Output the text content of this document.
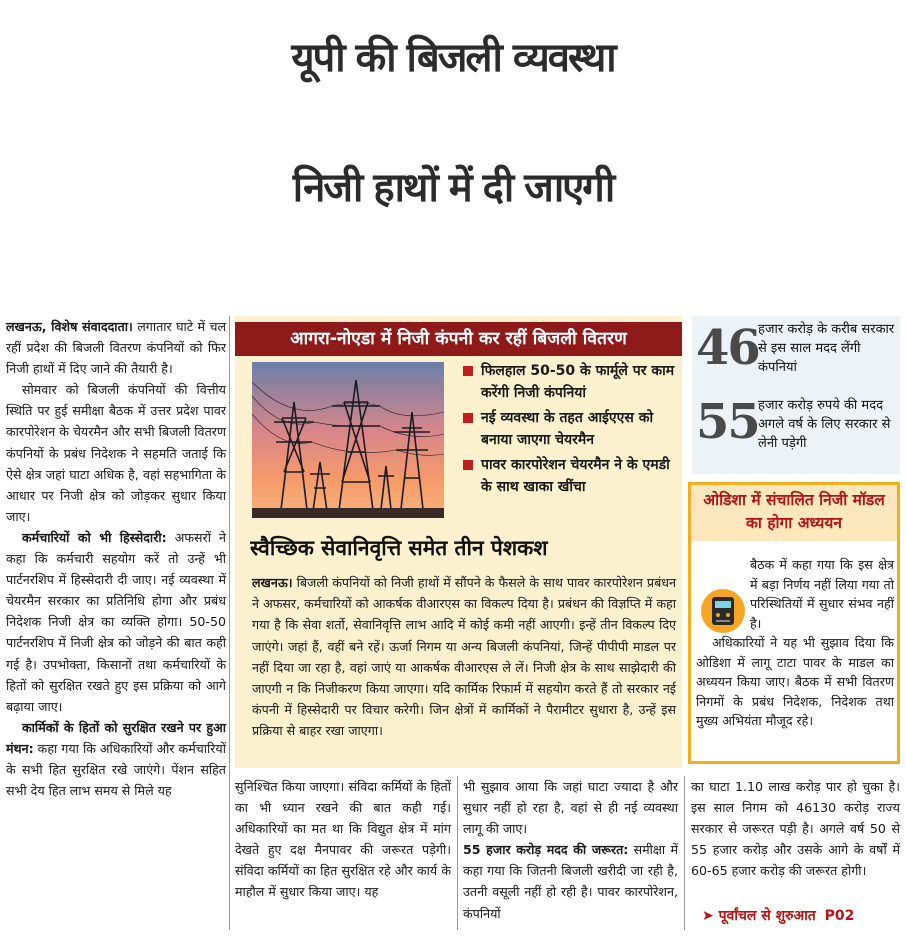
यूपी की बिजली व्यवस्था
निजी हाथों में दी जाएगी

लखनऊ, विशेष संवाददाता। लगातार घाटे में चल रहीं प्रदेश की बिजली वितरण कंपनियों को फिर निजी हाथों में दिए जाने की तैयारी है।

सोमवार को बिजली कंपनियों की वित्तीय स्थिति पर हुई समीक्षा बैठक में उत्तर प्रदेश पावर कारपोरेशन के चेयरमैन और सभी बिजली वितरण कंपनियों के प्रबंध निदेशक ने सहमति जताई कि ऐसे क्षेत्र जहां घाटा अधिक है, वहां सहभागिता के आधार पर निजी क्षेत्र को जोड़कर सुधार किया जाए।

कर्मचारियों को भी हिस्सेदारी: अफसरों ने कहा कि कर्मचारी सहयोग करें तो उन्हें भी पार्टनरशिप में हिस्सेदारी दी जाए। नई व्यवस्था में चेयरमैन सरकार का प्रतिनिधि होगा और प्रबंध निदेशक निजी क्षेत्र का व्यक्ति होगा। 50-50 पार्टनरशिप में निजी क्षेत्र को जोड़ने की बात कही गई है। उपभोक्ता, किसानों तथा कर्मचारियों के हितों को सुरक्षित रखते हुए इस प्रक्रिया को आगे बढ़ाया जाए।

कार्मिकों के हितों को सुरक्षित रखने पर हुआ मंथन: कहा गया कि अधिकारियों और कर्मचारियों के सभी हित सुरक्षित रखे जाएंगे। पेंशन सहित सभी देय हित लाभ समय से मिले यह

आगरा-नोएडा में निजी कंपनी कर रहीं बिजली वितरण
फिलहाल 50-50 के फार्मूले पर काम करेंगी निजी कंपनियां
नई व्यवस्था के तहत आईएएस को बनाया जाएगा चेयरमैन
पावर कारपोरेशन चेयरमैन ने के एमडी के साथ खाका खींचा
स्वैच्छिक सेवानिवृत्ति समेत तीन पेशकश
लखनऊ। बिजली कंपनियों को निजी हाथों में सौंपने के फैसले के साथ पावर कारपोरेशन प्रबंधन ने अफसर, कर्मचारियों को आकर्षक वीआरएस का विकल्प दिया है। प्रबंधन की विज्ञप्ति में कहा गया है कि सेवा शर्तो, सेवानिवृत्ति लाभ आदि में कोई कमी नहीं आएगी। इन्हें तीन विकल्प दिए जाएंगे। जहां हैं, वहीं बने रहें। ऊर्जा निगम या अन्य बिजली कंपनियां, जिन्हें पीपीपी माडल पर नहीं दिया जा रहा है, वहां जाएं या आकर्षक वीआरएस ले लें। निजी क्षेत्र के साथ साझेदारी की जाएगी न कि निजीकरण किया जाएगा। यदि कार्मिक रिफार्म में सहयोग करते हैं तो सरकार नई कंपनी में हिस्सेदारी पर विचार करेगी। जिन क्षेत्रों में कार्मिकों ने पैरामीटर सुधारा है, उन्हें इस प्रक्रिया से बाहर रखा जाएगा।
46 हजार करोड़ के करीब सरकार से इस साल मदद लेंगी कंपनियां
55 हजार करोड़ रुपये की मदद अगले वर्ष के लिए सरकार से लेनी पड़ेगी
ओडिशा में संचालित निजी मॉडल का होगा अध्ययन

बैठक में कहा गया कि इस क्षेत्र में बड़ा निर्णय नहीं लिया गया तो परिस्थितियों में सुधार संभव नहीं है।

अधिकारियों ने यह भी सुझाव दिया कि ओडिशा में लागू टाटा पावर के माडल का अध्ययन किया जाए। बैठक में सभी वितरण निगमों के प्रबंध निदेशक, निदेशक तथा मुख्य अभियंता मौजूद रहे।

सुनिश्चित किया जाएगा। संविदा कर्मियों के हितों का भी ध्यान रखने की बात कही गई। अधिकारियों का मत था कि विद्युत क्षेत्र में मांग देखते हुए दक्ष मैनपावर की जरूरत पड़ेगी। संविदा कर्मियों का हित सुरक्षित रहे और कार्य के माहौल में सुधार किया जाए। यह

भी सुझाव आया कि जहां घाटा ज्यादा है और सुधार नहीं हो रहा है, वहां से ही नई व्यवस्था लागू की जाए।

55 हजार करोड़ मदद की जरूरत: समीक्षा में कहा गया कि जितनी बिजली खरीदी जा रही है, उतनी वसूली नहीं हो रही है। पावर कारपोरेशन, कंपनियों

का घाटा 1.10 लाख करोड़ पार हो चुका है। इस साल निगम को 46130 करोड़ राज्य सरकार से जरूरत पड़ी है। अगले वर्ष 50 से 55 हजार करोड़ और उसके आगे के वर्षों में 60-65 हजार करोड़ की जरूरत होगी।

➤ पूर्वांचल से शुरुआत P02
